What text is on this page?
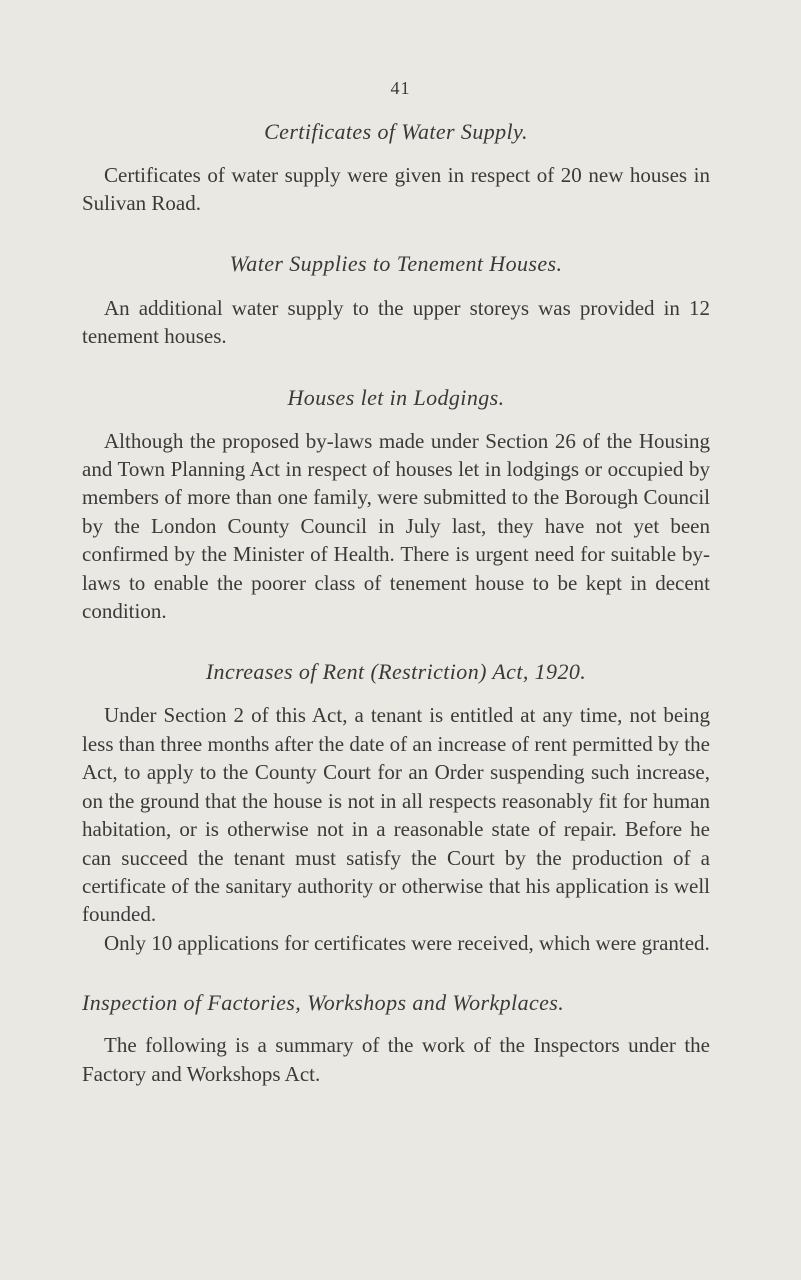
41
Certificates of Water Supply.

Certificates of water supply were given in respect of 20 new houses in Sulivan Road.

Water Supplies to Tenement Houses.

An additional water supply to the upper storeys was provided in 12 tenement houses.

Houses let in Lodgings.

Although the proposed by-laws made under Section 26 of the Housing and Town Planning Act in respect of houses let in lodgings or occupied by members of more than one family, were submitted to the Borough Council by the London County Council in July last, they have not yet been confirmed by the Minister of Health. There is urgent need for suitable by-laws to enable the poorer class of tenement house to be kept in decent condition.

Increases of Rent (Restriction) Act, 1920.

Under Section 2 of this Act, a tenant is entitled at any time, not being less than three months after the date of an increase of rent permitted by the Act, to apply to the County Court for an Order suspending such increase, on the ground that the house is not in all respects reasonably fit for human habitation, or is otherwise not in a reasonable state of repair. Before he can succeed the tenant must satisfy the Court by the production of a certificate of the sanitary authority or otherwise that his application is well founded.

Only 10 applications for certificates were received, which were granted.

Inspection of Factories, Workshops and Workplaces.

The following is a summary of the work of the Inspectors under the Factory and Workshops Act.
